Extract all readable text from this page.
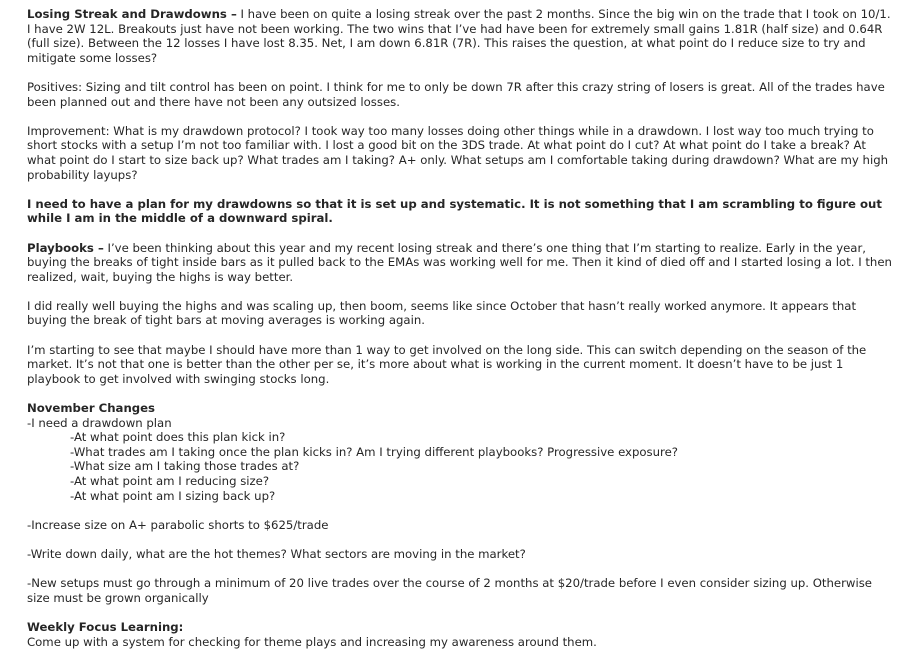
Losing Streak and Drawdowns – I have been on quite a losing streak over the past 2 months. Since the big win on the trade that I took on 10/1. I have 2W 12L. Breakouts just have not been working. The two wins that I’ve had have been for extremely small gains 1.81R (half size) and 0.64R (full size). Between the 12 losses I have lost 8.35. Net, I am down 6.81R (7R). This raises the question, at what point do I reduce size to try and mitigate some losses?

Positives: Sizing and tilt control has been on point. I think for me to only be down 7R after this crazy string of losers is great. All of the trades have been planned out and there have not been any outsized losses.

Improvement: What is my drawdown protocol? I took way too many losses doing other things while in a drawdown. I lost way too much trying to short stocks with a setup I’m not too familiar with. I lost a good bit on the 3DS trade. At what point do I cut? At what point do I take a break? At what point do I start to size back up? What trades am I taking? A+ only. What setups am I comfortable taking during drawdown? What are my high probability layups?

I need to have a plan for my drawdowns so that it is set up and systematic. It is not something that I am scrambling to figure out while I am in the middle of a downward spiral.

Playbooks – I’ve been thinking about this year and my recent losing streak and there’s one thing that I’m starting to realize. Early in the year, buying the breaks of tight inside bars as it pulled back to the EMAs was working well for me. Then it kind of died off and I started losing a lot. I then realized, wait, buying the highs is way better.

I did really well buying the highs and was scaling up, then boom, seems like since October that hasn’t really worked anymore. It appears that buying the break of tight bars at moving averages is working again.

I’m starting to see that maybe I should have more than 1 way to get involved on the long side. This can switch depending on the season of the market. It’s not that one is better than the other per se, it’s more about what is working in the current moment. It doesn’t have to be just 1 playbook to get involved with swinging stocks long.

November Changes

-I need a drawdown plan

-At what point does this plan kick in?

-What trades am I taking once the plan kicks in? Am I trying different playbooks? Progressive exposure?

-What size am I taking those trades at?

-At what point am I reducing size?

-At what point am I sizing back up?

-Increase size on A+ parabolic shorts to $625/trade

-Write down daily, what are the hot themes? What sectors are moving in the market?

-New setups must go through a minimum of 20 live trades over the course of 2 months at $20/trade before I even consider sizing up. Otherwise size must be grown organically

Weekly Focus Learning:

Come up with a system for checking for theme plays and increasing my awareness around them.
